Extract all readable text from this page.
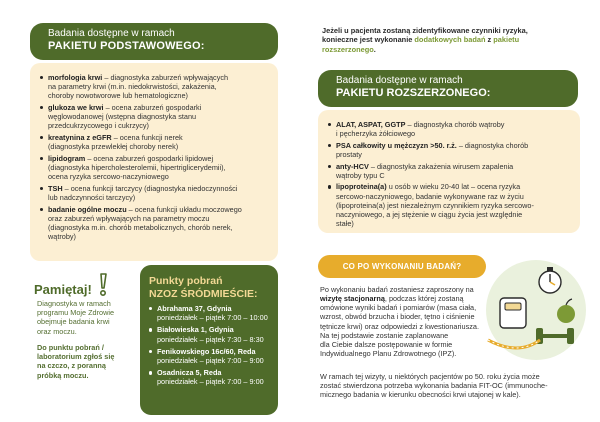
Badania dostępne w ramach
PAKIETU PODSTAWOWEGO:
morfologia krwi – diagnostyka zaburzeń wpływających
na parametry krwi (m.in. niedokrwistości, zakażenia,
choroby nowotworowe lub hematologiczne)
glukoza we krwi – ocena zaburzeń gospodarki
węglowodanowej (wstępna diagnostyka stanu
przedcukrzycowego i cukrzycy)
kreatynina z eGFR – ocena funkcji nerek
(diagnostyka przewlekłej choroby nerek)
lipidogram – ocena zaburzeń gospodarki lipidowej
(diagnostyka hipercholesterolemii, hipertriglicerydemii),
ocena ryzyka sercowo-naczyniowego
TSH – ocena funkcji tarczycy (diagnostyka niedoczynności
lub nadczynności tarczycy)
badanie ogólne moczu – ocena funkcji układu moczowego
oraz zaburzeń wpływających na parametry moczu
(diagnostyka m.in. chorób metabolicznych, chorób nerek,
wątroby)
Pamiętaj!
Diagnostyka w ramach
programu Moje Zdrowie
obejmuje badania krwi
oraz moczu.
Do punktu pobrań /
laboratorium zgłoś się
na czczo, z poranną
próbką moczu.
Punkty pobrań
NZOZ ŚRÓDMIEŚCIE:
Abrahama 37, Gdynia
poniedziałek – piątek 7:00 – 10:00
Białowieska 1, Gdynia
poniedziałek – piątek 7:30 – 8:30
Fenikowskiego 16c/60, Reda
poniedziałek – piątek 7:00 – 9:00
Osadnicza 5, Reda
poniedziałek – piątek 7:00 – 9:00
Jeżeli u pacjenta zostaną zidentyfikowane czynniki ryzyka,
konieczne jest wykonanie dodatkowych badań z pakietu
rozszerzonego.
Badania dostępne w ramach
PAKIETU ROZSZERZONEGO:
ALAT, ASPAT, GGTP – diagnostyka chorób wątroby
i pęcherzyka żółciowego
PSA całkowity u mężczyzn >50. r.ż. – diagnostyka chorób
prostaty
anty-HCV – diagnostyka zakażenia wirusem zapalenia
wątroby typu C
lipoproteina(a) u osób w wieku 20-40 lat – ocena ryzyka
sercowo-naczyniowego, badanie wykonywane raz w życiu
(lipoproteina(a) jest niezależnym czynnikiem ryzyka sercowo-
naczyniowego, a jej stężenie w ciągu życia jest względnie
stałe)
CO PO WYKONANIU BADAŃ?
Po wykonaniu badań zostaniesz zaproszony na
wizytę stacjonarną, podczas której zostaną
omówione wyniki badań i pomiarów (masa ciała,
wzrost, obwód brzucha i bioder, tętno i ciśnienie
tętnicze krwi) oraz odpowiedzi z kwestionariusza.
Na tej podstawie zostanie zaplanowane
dla Ciebie dalsze postępowanie w formie
Indywidualnego Planu Zdrowotnego (IPZ).
W ramach tej wizyty, u niektórych pacjentów po 50. roku życia może
zostać stwierdzona potrzeba wykonania badania FIT-OC (immunoche-
micznego badania w kierunku obecności krwi utajonej w kale).
